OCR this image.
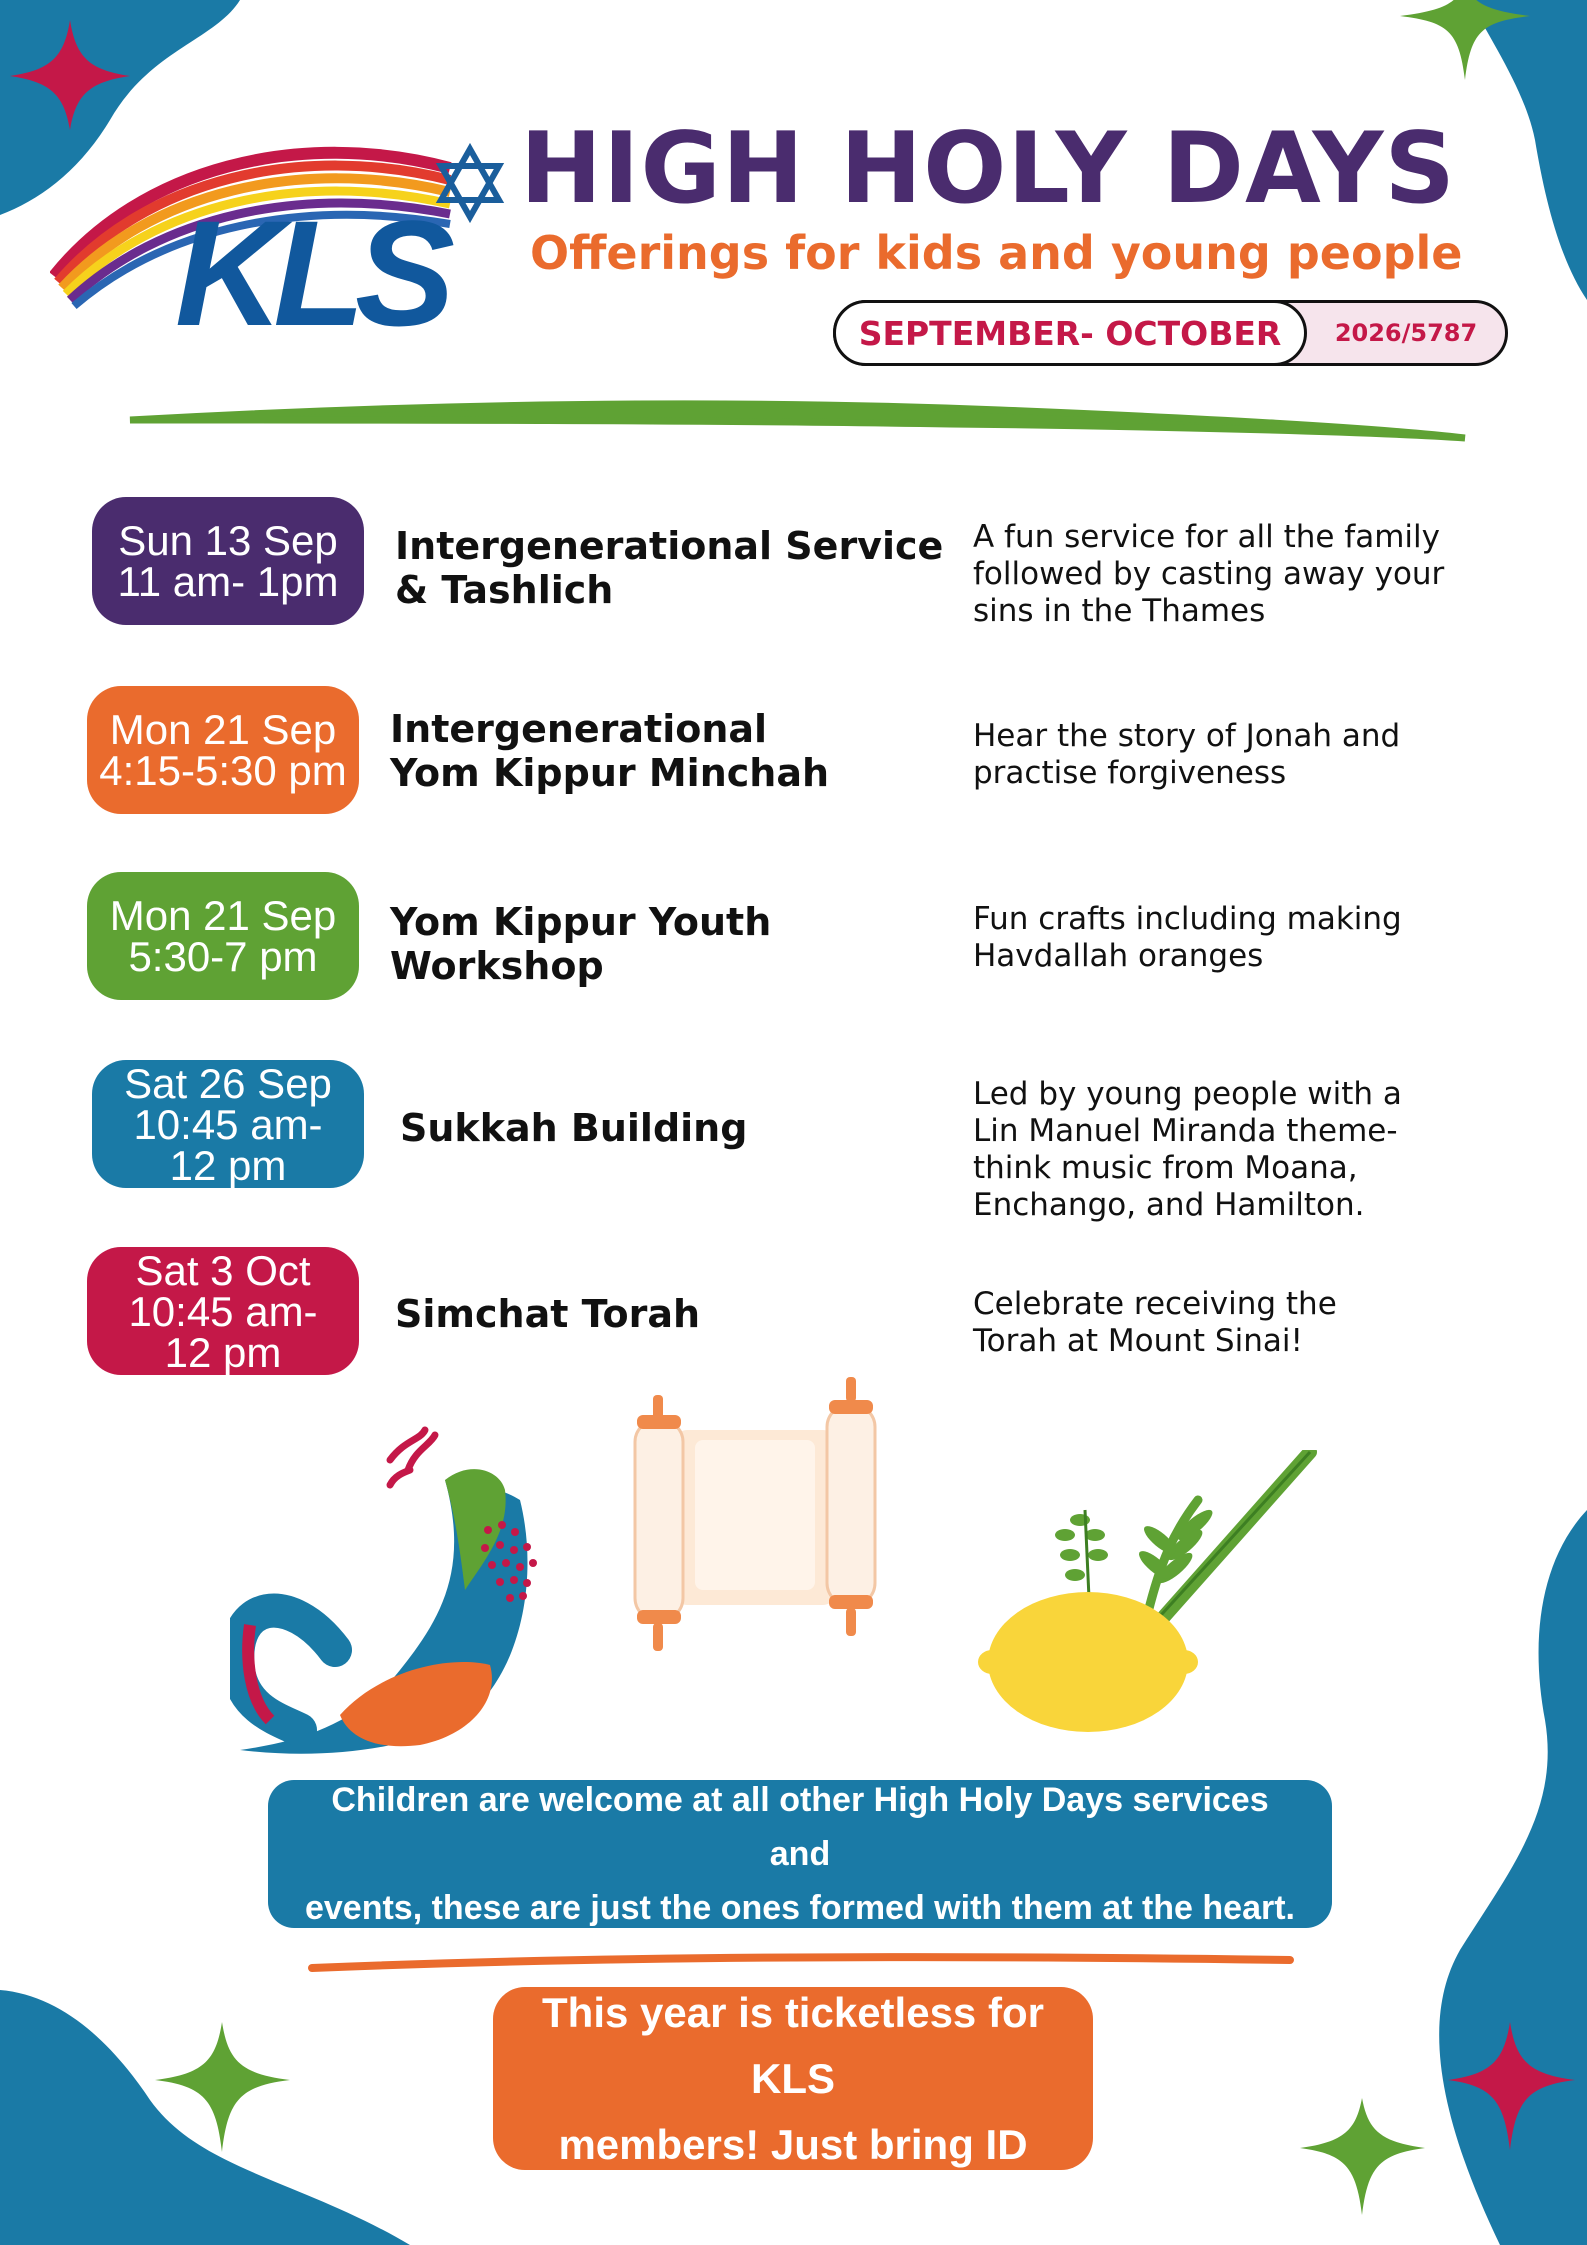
KLS
HIGH HOLY DAYS
Offerings for kids and young people
SEPTEMBER- OCTOBER	2026/5787
Sun 13 Sep
11 am- 1pm
Intergenerational Service
& Tashlich
A fun service for all the family
followed by casting away your
sins in the Thames
Mon 21 Sep
4:15-5:30 pm
Intergenerational
Yom Kippur Minchah
Hear the story of Jonah and
practise forgiveness
Mon 21 Sep
5:30-7 pm
Yom Kippur Youth
Workshop
Fun crafts including making
Havdallah oranges
Sat 26 Sep
10:45 am-
12 pm
Sukkah Building
Led by young people with a
Lin Manuel Miranda theme-
think music from Moana,
Enchango, and Hamilton.
Sat 3 Oct
10:45 am-
12 pm
Simchat Torah	Celebrate receiving the
Torah at Mount Sinai!
Children are welcome at all other High Holy Days services and
events, these are just the ones formed with them at the heart.
This year is ticketless for KLS
members! Just bring ID
